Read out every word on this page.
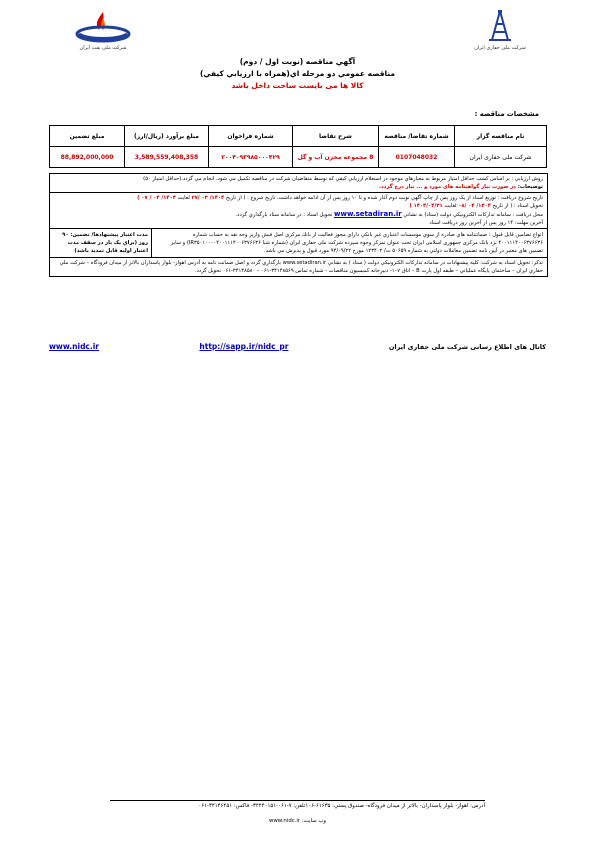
شرکت ملی نفت ایران	شرکت ملی حفاری ایران
آگهي مناقصه (نوبت اول / دوم)
مناقصه عمومي دو مرحله اي(همراه با ارزيابي كيفي)
کالا ها می بایست ساخت داخل باشد
مشخصات مناقصه :
نام مناقصه گزار	شماره تقاضا/ مناقصه	شرح تقاضا	شماره فراخوان	مبلغ برآورد (ريال/ارز)	مبلغ تضمين
شرکت ملی حفاری ایران	0107048032	8 مجموعه مخزن آب و گل	۲۰۰۴۰۹۳۹۸۵۰۰۰۴۲۹	3,589,559,408,358	88,892,000,000
روش ارزيابي : بر اساس كسب حداقل امتياز مربوط به معيارهاي موجود در استعلام ارزيابي كيفي كه توسط متقاضيان شركت در مناقصه تكميل مي شود، انجام مي گردد.(حداقل امتياز ۵۰)
توضیحات: در صورت نیاز گواهینامه های مورد و ... نیاز درج گردد.
تاريخ شروع دريافت : توزيع اسناد از يک روز پس از چاپ آگهي نوبت دوم آغاز شده و تا ۱۰ روز پس از آن ادامه خواهد داشت. تاريخ شروع : ( از تاريخ ۱۴۰۴/ ۰۳ /۲۷ لغايت ۱۴۰۴/ ۰۴ / ۰۷ )
تحويل اسناد : ( از تاريخ ۱۴۰۴/ ۰۴ /۰۸ لغايت ۱۴۰۴/۰۴/۳۱ )
محل دريافت : سامانه تداركات الكترونيكي دولت (ستاد) به نشاني www.setadiran.ir تحويل اسناد : در سامانه ستاد بارگذاري گردد.
آخرين مهلت: ۱۴ روز پس از آخرين روز دريافت اسناد
انواع تضامين قابل قبول : ضمانتنامه هاي صادره از سوي موسسات اعتباري غير بانكي داراي مجوز فعاليت از بانك مركزي اصل فيش واريز وجه نقد به حساب شماره ۴۰۰۱۱۱۴۰۰۶۳۷۶۶۳۶ نزد بانک مرکزی جمهوری اسلامی ایران تحت عنوان تمرکز وجوه سپرده شرکت ملی حفاری ایران (شماره شبا IR۳۵۰۱۰۰۰۰۴۰۰۱۱۱۴۰۰۶۳۷۶۶۳۶) و ساير تضمين هاي معتبر در آيين نامه تضمين معاملات دولتي به شماره ۵۰۶۵۹ ت/ ۱۲۳۴۰۲ مورخ ۹۴/۰۹/۲۲ مورد قبول و پذيرش مي باشد.
مدت اعتبار پيشنهادها/ تضمين: ۹۰ روز (براي يک بار در سقف مدت اعتبار اوليه قابل تمديد باشد)
تذكر: تحويل اسناد به شركت: كليه پيشنهادات در سامانه تداركات الكترونيكي دولت ( ستاد ) به نشاني www.setadiran.ir بارگذاري گردد و اصل ضمانت نامه به آدرس اهواز- بلوار پاسداران بالاتر از ميدان فرودگاه – شركت ملي حفاري ايران – ساختمان پايگاه عملياتي – طبقه اول پارت B – اتاق ۱۰۷- دبيرخانه كميسيون مناقصات - شماره تماس ۳۴۱۴۸۵۶۹-۰۶۱ – ۳۴۱۴۸۵۸۰-۰۶۱ تحويل گردد.
کانال های اطلاع رسانی شرکت ملی حفاری ایران
http://sapp.ir/nidc_pr
www.nidc.ir
آدرس: اهواز- بلوار پاسداران- بالاتر از ميدان فرودگاه- صندوق پستي: ۶۱۶۳۵-۱۰۶تلفن: ۷-۰۶۱-۳۴۴۴۰۱۵۱- فاكس: ۳۴۱۴۶۴۵۱-۰۶۱
وب سايت: www.nidc.ir
